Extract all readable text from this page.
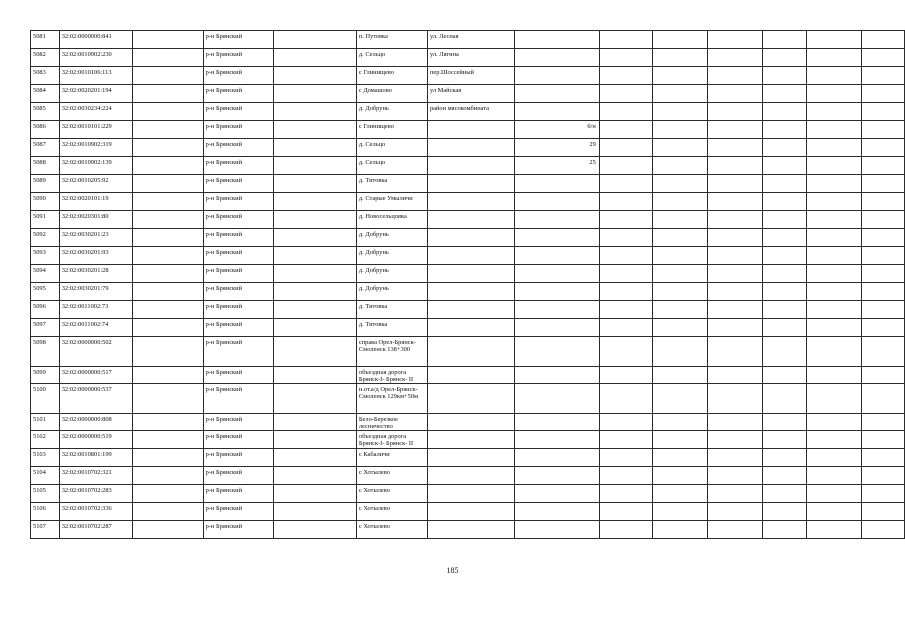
5081	32:02:0000000:841		р-н Брянский		п. Путевка	ул. Лесная							
5082	32:02:0010902:230		р-н Брянский		д. Сельцо	ул. Лягина							
5083	32:02:0010106:113		р-н Брянский		с Глинищево	пер.Шоссейный							
5084	32:02:0020201:194		р-н Брянский		с Домашово	ул Майская							
5085	32:02:0030234:224		р-н Брянский		д. Добрунь	район мясокомбината							
5086	32:02:0010101:229		р-н Брянский		с Глинищево		б/н						
5087	32:02:0010902:319		р-н Брянский		д. Сельцо		29						
5088	32:02:0010902:139		р-н Брянский		д. Сельцо		25						
5089	32:02:0010205:92		р-н Брянский		д. Титовка								
5090	32:02:0020101:19		р-н Брянский		д. Старые Умыличи								
5091	32:02:0020301:80		р-н Брянский		д. Новосельцовка								
5092	32:02:0030201:23		р-н Брянский		д. Добрунь								
5093	32:02:0030201:93		р-н Брянский		д. Добрунь								
5094	32:02:0030201:28		р-н Брянский		д. Добрунь								
5095	32:02:0030201:79		р-н Брянский		д. Добрунь								
5096	32:02:0011002:73		р-н Брянский		д. Титовка								
5097	32:02:0011002:74		р-н Брянский		д. Титовка								
5098	32:02:0000000:502		р-н Брянский		справа Орел-Брянск-Смоленск 138+300								
5099	32:02:0000000:517		р-н Брянский		объездная дорога Брянск-I- Брянск- II								
5100	32:02:0000000:537		р-н Брянский		н.от.а/д Орел-Брянск-Смоленск 129км+50м								
5101	32:02:0000000:808		р-н Брянский		Бело-Березкое лесничество								
5102	32:02:0000000:519		р-н Брянский		объездная дорога Брянск-I- Брянск- II								
5103	32:02:0010801:199		р-н Брянский		с Кабаличи								
5104	32:02:0010702:321		р-н Брянский		с Хотылево								
5105	32:02:0010702:283		р-н Брянский		с Хотылево								
5106	32:02:0010702:336		р-н Брянский		с Хотылево								
5107	32:02:0010702:287		р-н Брянский		с Хотылево								
185
